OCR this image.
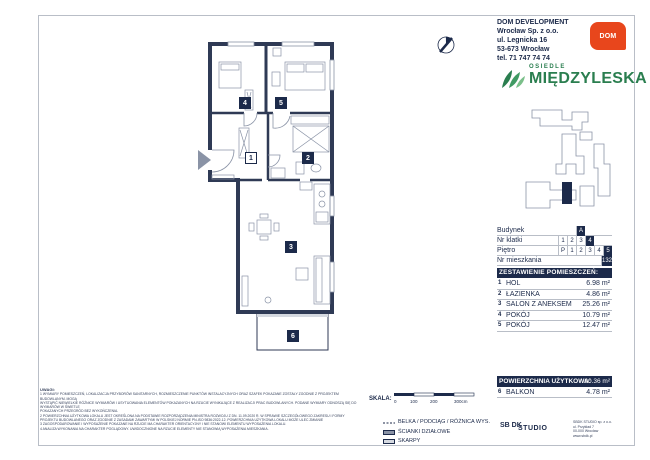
1	2
3
4	5
6
DOM DEVELOPMENT
Wrocław Sp. z o.o.
ul. Legnicka 16
53-673 Wrocław
tel. 71 747 74 74
DOM
OSIEDLE
MIĘDZYLESKA
Budynek	A
Nr klatki	1 2 3 4
Piętro	P 1 2 3 4 5
Nr mieszkania	132
ZESTAWIENIE POMIESZCZEŃ:
1 HOL	6.98 m²
2 ŁAZIENKA	4.86 m²
3 SALON Z ANEKSEM 25.26 m²
4 POKÓJ	10.79 m²
5 POKÓJ	12.47 m²
POWIERZCHNIA UŻYTKOWA:
60.36 m²
6 BALKON	4.78 m²
UWAGI:
1 WYMIARY POMIESZCZEŃ, LOKALIZACJA PRZYBORÓW SANITARNYCH, ROZMIESZCZENIE PUNKTÓW INSTALACYJNYCH ORAZ SZAFEK POKAZANE ZOSTAŁY ZGODNIE Z PROJEKTEM BUDOWLANYM. MOGĄ
WYSTĄPIĆ NIEWIELKIE RÓŻNICE WYMIARÓW I USYTUOWANIA ELEMENTÓW POKAZANYCH NA RZUCIE WYNIKAJĄCE Z REALIZACJI PRAC BUDOWLANYCH. PODANE WYMIARY ODNOSZĄ SIĘ DO WYMIARÓW W ŚWIETLE
POKAZANYCH PRZEGRÓD BEZ WYKOŃCZENIA.
2 POWIERZCHNIA UŻYTKOWA LOKALU JEST OKREŚLONA NA PODSTAWIE ROZPORZĄDZENIA MINISTRA ROZWOJU Z DN. 11.09.2020 R. W SPRAWIE SZCZEGÓŁOWEGO ZAKRESU I FORMY
PROJEKTU BUDOWLANEGO ORAZ ZGODNIE Z ZASADAMI ZAWARTYMI W POLSKIEJ NORMIE PN-ISO 9836:2022-12. POWIERZCHNIA UŻYTKOWA LOKALU MOŻE ULEC ZMIANIE
3 ZAGOSPODAROWANIE I WYPOSAŻENIE POKAZANE NA RZUCIE MA CHARAKTER ORIENTACYJNY I NIE STANOWI ELEMENTU WYPOSAŻENIA LOKALU.
4 ANALIZA WYKONANIA NA CHARAKTER POGLĄDOWY. UWIDOCZNIONE NA RZUCIE ELEMENTY NIE STANOWIĄ WYPOSAŻENIA MIESZKANIA.
SKALA: 0	100	200	300cm
BELKA / PODCIĄG / RÓŻNICA WYS.
ŚCIANKI DZIAŁOWE
SKARPY
SB DK
STUDIO
SBDK STUDIO sp. z o.o.
ul. Przykład 7
00-000 Wrocław
www.sbdk.pl
